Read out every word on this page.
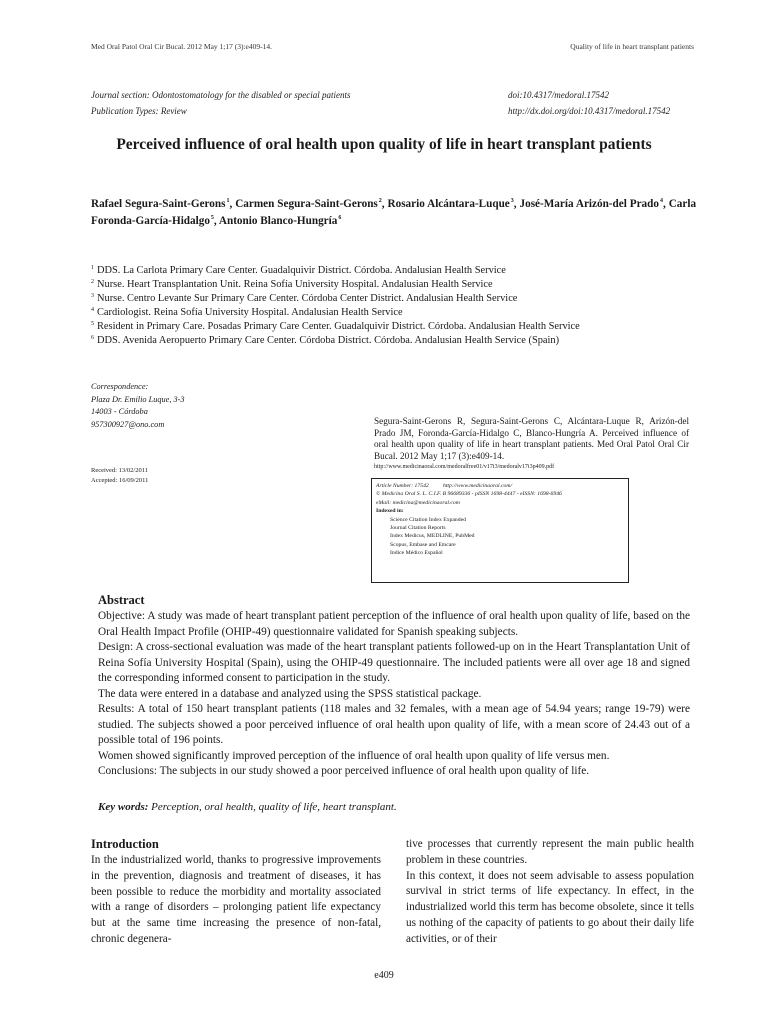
Med Oral Patol Oral Cir Bucal. 2012 May 1;17 (3):e409-14.	Quality of life in heart transplant patients
Journal section: Odontostomatology for the disabled or special patients
Publication Types: Review
doi:10.4317/medoral.17542
http://dx.doi.org/doi:10.4317/medoral.17542
Perceived influence of oral health upon quality of life in heart transplant patients
Rafael Segura-Saint-Gerons$^1$, Carmen Segura-Saint-Gerons$^2$, Rosario Alcántara-Luque$^3$, José-María Arizón-del Prado$^4$, Carla Foronda-García-Hidalgo$^5$, Antonio Blanco-Hungría$^6$
$^1$ DDS. La Carlota Primary Care Center. Guadalquivir District. Córdoba. Andalusian Health Service
$^2$ Nurse. Heart Transplantation Unit. Reina Sofía University Hospital. Andalusian Health Service
$^3$ Nurse. Centro Levante Sur Primary Care Center. Córdoba Center District. Andalusian Health Service
$^4$ Cardiologist. Reina Sofía University Hospital. Andalusian Health Service
$^5$ Resident in Primary Care. Posadas Primary Care Center. Guadalquivir District. Córdoba. Andalusian Health Service
$^6$ DDS. Avenida Aeropuerto Primary Care Center. Córdoba District. Córdoba. Andalusian Health Service (Spain)
Correspondence:
Plaza Dr. Emilio Luque, 3-3
14003 - Córdoba
957300927@ono.com
Received: 13/02/2011
Accepted: 16/09/2011
Segura-Saint-Gerons R, Segura-Saint-Gerons C, Alcántara-Luque R, Arizón-del Prado JM, Foronda-García-Hidalgo C, Blanco-Hungría A. Perceived influence of oral health upon quality of life in heart transplant patients. Med Oral Patol Oral Cir Bucal. 2012 May 1;17 (3):e409-14.
http://www.medicinaoral.com/medoralfree01/v17i3/medoralv17i3p409.pdf
Article Number: 17542          http://www.medicinaoral.com/
© Medicina Oral S. L. C.I.F. B 96689336 - pISSN 1698-4447 - eISSN: 1698-6946
eMail: medicina@medicinaoral.com
Indexed in:
Science Citation Index Expanded
Journal Citation Reports
Index Medicus, MEDLINE, PubMed
Scopus, Embase and Emcare
Indice Médico Español
Abstract

Objective: A study was made of heart transplant patient perception of the influence of oral health upon quality of life, based on the Oral Health Impact Profile (OHIP-49) questionnaire validated for Spanish speaking subjects.

Design: A cross-sectional evaluation was made of the heart transplant patients followed-up on in the Heart Transplantation Unit of Reina Sofía University Hospital (Spain), using the OHIP-49 questionnaire. The included patients were all over age 18 and signed the corresponding informed consent to participation in the study.

The data were entered in a database and analyzed using the SPSS statistical package.

Results: A total of 150 heart transplant patients (118 males and 32 females, with a mean age of 54.94 years; range 19-79) were studied. The subjects showed a poor perceived influence of oral health upon quality of life, with a mean score of 24.43 out of a possible total of 196 points.

Women showed significantly improved perception of the influence of oral health upon quality of life versus men.

Conclusions: The subjects in our study showed a poor perceived influence of oral health upon quality of life.

Key words: Perception, oral health, quality of life, heart transplant.
Introduction

In the industrialized world, thanks to progressive improvements in the prevention, diagnosis and treatment of diseases, it has been possible to reduce the morbidity and mortality associated with a range of disorders – prolonging patient life expectancy but at the same time increasing the presence of non-fatal, chronic degenera-

tive processes that currently represent the main public health problem in these countries.

In this context, it does not seem advisable to assess population survival in strict terms of life expectancy. In effect, in the industrialized world this term has become obsolete, since it tells us nothing of the capacity of patients to go about their daily life activities, or of their

e409
